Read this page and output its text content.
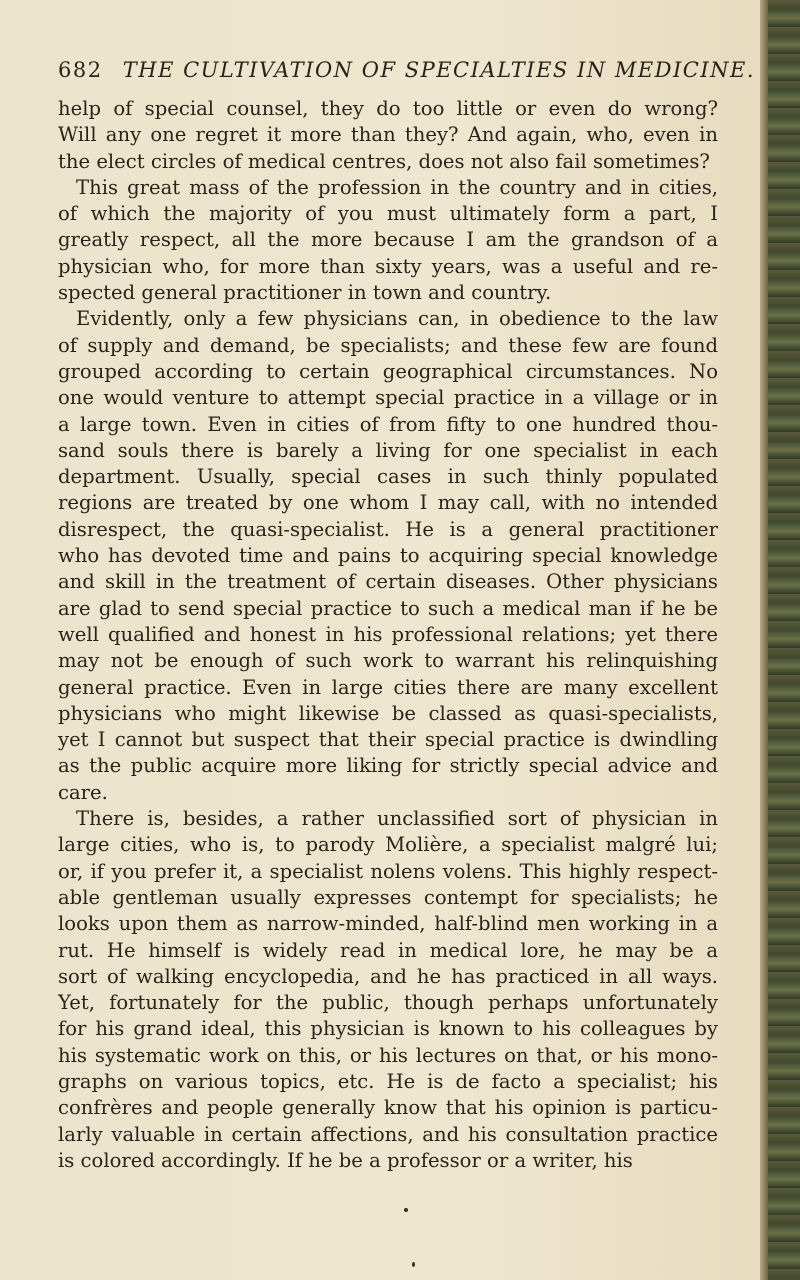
682 THE CULTIVATION OF SPECIALTIES IN MEDICINE.
help of special counsel, they do too little or even do wrong?
Will any one regret it more than they? And again, who, even in
the elect circles of medical centres, does not also fail sometimes?
This great mass of the profession in the country and in cities,
of which the majority of you must ultimately form a part, I
greatly respect, all the more because I am the grandson of a
physician who, for more than sixty years, was a useful and re-
spected general practitioner in town and country.
Evidently, only a few physicians can, in obedience to the law
of supply and demand, be specialists; and these few are found
grouped according to certain geographical circumstances. No
one would venture to attempt special practice in a village or in
a large town. Even in cities of from fifty to one hundred thou-
sand souls there is barely a living for one specialist in each
department. Usually, special cases in such thinly populated
regions are treated by one whom I may call, with no intended
disrespect, the quasi-specialist. He is a general practitioner
who has devoted time and pains to acquiring special knowledge
and skill in the treatment of certain diseases. Other physicians
are glad to send special practice to such a medical man if he be
well qualified and honest in his professional relations; yet there
may not be enough of such work to warrant his relinquishing
general practice. Even in large cities there are many excellent
physicians who might likewise be classed as quasi-specialists,
yet I cannot but suspect that their special practice is dwindling
as the public acquire more liking for strictly special advice and
care.
There is, besides, a rather unclassified sort of physician in
large cities, who is, to parody Molière, a specialist malgré lui;
or, if you prefer it, a specialist nolens volens. This highly respect-
able gentleman usually expresses contempt for specialists; he
looks upon them as narrow-minded, half-blind men working in a
rut. He himself is widely read in medical lore, he may be a
sort of walking encyclopedia, and he has practiced in all ways.
Yet, fortunately for the public, though perhaps unfortunately
for his grand ideal, this physician is known to his colleagues by
his systematic work on this, or his lectures on that, or his mono-
graphs on various topics, etc. He is de facto a specialist; his
confrères and people generally know that his opinion is particu-
larly valuable in certain affections, and his consultation practice
is colored accordingly. If he be a professor or a writer, his
